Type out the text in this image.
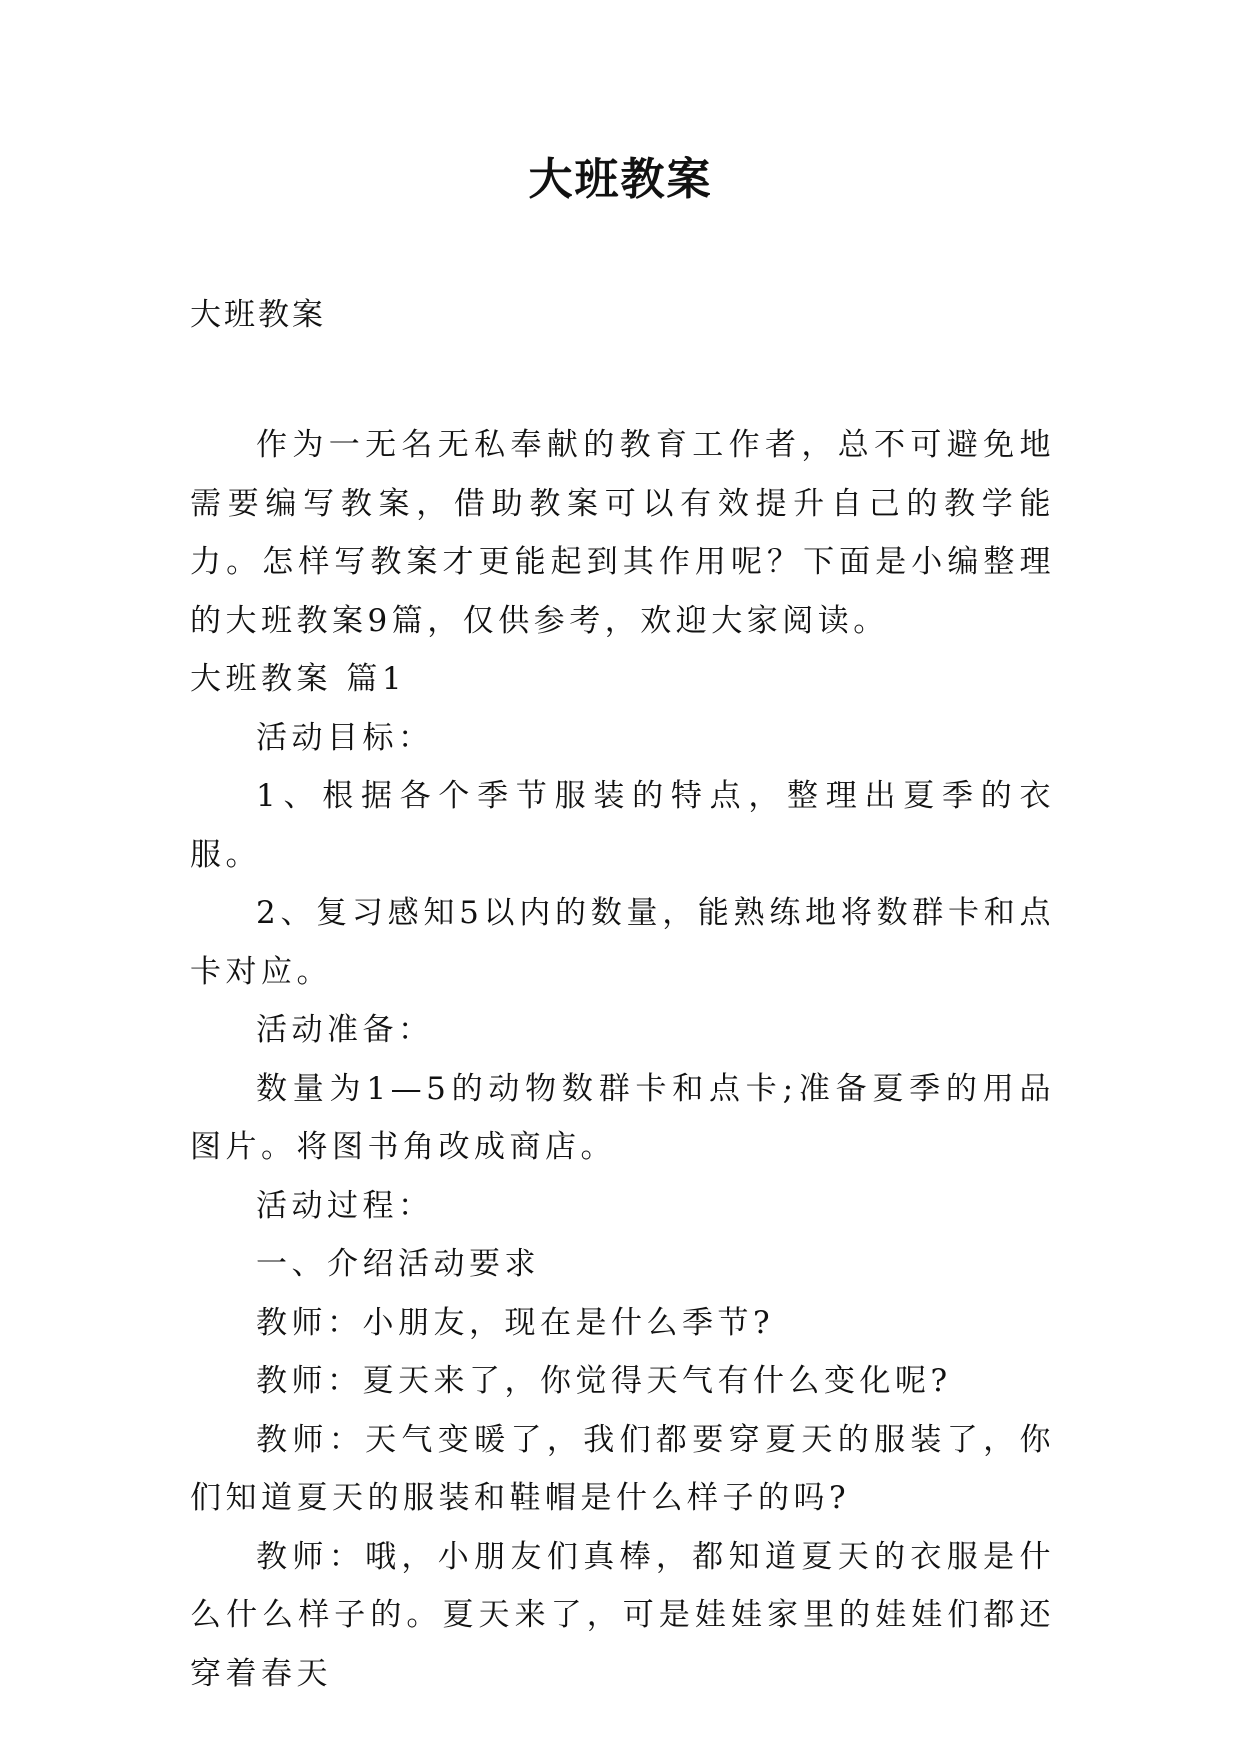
大班教案

大班教案

作为一无名无私奉献的教育工作者，总不可避免地需要编写教案，借助教案可以有效提升自己的教学能力。怎样写教案才更能起到其作用呢？下面是小编整理的大班教案9篇，仅供参考，欢迎大家阅读。

大班教案 篇1

活动目标：

1、根据各个季节服装的特点，整理出夏季的衣服。

2、复习感知5以内的数量，能熟练地将数群卡和点卡对应。

活动准备：

数量为1—5的动物数群卡和点卡;准备夏季的用品图片。将图书角改成商店。

活动过程：

一、介绍活动要求

教师：小朋友，现在是什么季节?

教师：夏天来了，你觉得天气有什么变化呢?

教师：天气变暖了，我们都要穿夏天的服装了，你们知道夏天的服装和鞋帽是什么样子的吗?

教师：哦，小朋友们真棒，都知道夏天的衣服是什么什么样子的。夏天来了，可是娃娃家里的娃娃们都还穿着春天
